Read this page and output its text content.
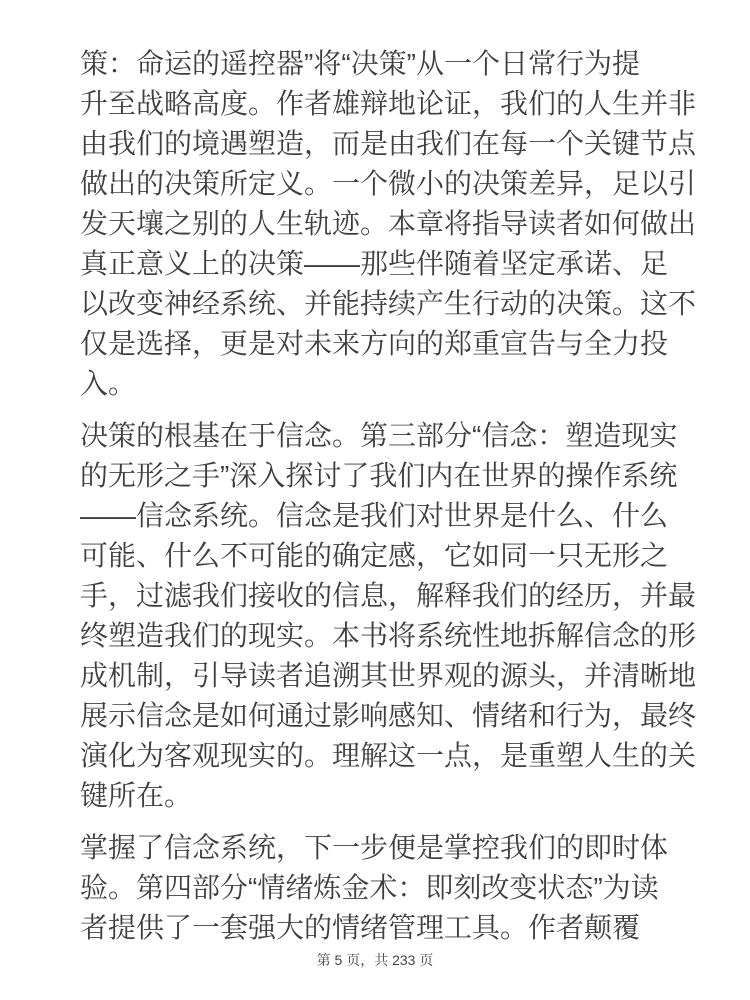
策：命运的遥控器”将“决策”从一个日常行为提
升至战略高度。作者雄辩地论证，我们的人生并非
由我们的境遇塑造，而是由我们在每一个关键节点
做出的决策所定义。一个微小的决策差异，足以引
发天壤之别的人生轨迹。本章将指导读者如何做出
真正意义上的决策——那些伴随着坚定承诺、足
以改变神经系统、并能持续产生行动的决策。这不
仅是选择，更是对未来方向的郑重宣告与全力投
入。

决策的根基在于信念。第三部分“信念：塑造现实
的无形之手”深入探讨了我们内在世界的操作系统
——信念系统。信念是我们对世界是什么、什么
可能、什么不可能的确定感，它如同一只无形之
手，过滤我们接收的信息，解释我们的经历，并最
终塑造我们的现实。本书将系统性地拆解信念的形
成机制，引导读者追溯其世界观的源头，并清晰地
展示信念是如何通过影响感知、情绪和行为，最终
演化为客观现实的。理解这一点，是重塑人生的关
键所在。

掌握了信念系统，下一步便是掌控我们的即时体
验。第四部分“情绪炼金术：即刻改变状态”为读
者提供了一套强大的情绪管理工具。作者颠覆

第 5 页，共 233 页
